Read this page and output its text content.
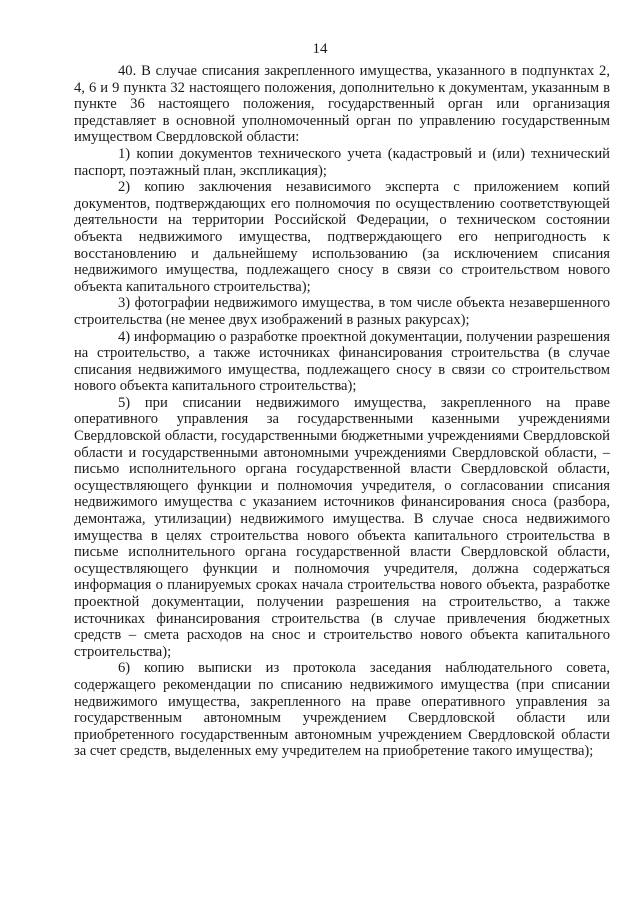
14

40. В случае списания закрепленного имущества, указанного в подпунктах 2, 4, 6 и 9 пункта 32 настоящего положения, дополнительно к документам, указанным в пункте 36 настоящего положения, государственный орган или организация представляет в основной уполномоченный орган по управлению государственным имуществом Свердловской области:

1) копии документов технического учета (кадастровый и (или) технический паспорт, поэтажный план, экспликация);

2) копию заключения независимого эксперта с приложением копий документов, подтверждающих его полномочия по осуществлению соответствующей деятельности на территории Российской Федерации, о техническом состоянии объекта недвижимого имущества, подтверждающего его непригодность к восстановлению и дальнейшему использованию (за исключением списания недвижимого имущества, подлежащего сносу в связи со строительством нового объекта капитального строительства);

3) фотографии недвижимого имущества, в том числе объекта незавершенного строительства (не менее двух изображений в разных ракурсах);

4) информацию о разработке проектной документации, получении разрешения на строительство, а также источниках финансирования строительства (в случае списания недвижимого имущества, подлежащего сносу в связи со строительством нового объекта капитального строительства);

5) при списании недвижимого имущества, закрепленного на праве оперативного управления за государственными казенными учреждениями Свердловской области, государственными бюджетными учреждениями Свердловской области и государственными автономными учреждениями Свердловской области, – письмо исполнительного органа государственной власти Свердловской области, осуществляющего функции и полномочия учредителя, о согласовании списания недвижимого имущества с указанием источников финансирования сноса (разбора, демонтажа, утилизации) недвижимого имущества. В случае сноса недвижимого имущества в целях строительства нового объекта капитального строительства в письме исполнительного органа государственной власти Свердловской области, осуществляющего функции и полномочия учредителя, должна содержаться информация о планируемых сроках начала строительства нового объекта, разработке проектной документации, получении разрешения на строительство, а также источниках финансирования строительства (в случае привлечения бюджетных средств – смета расходов на снос и строительство нового объекта капитального строительства);

6) копию выписки из протокола заседания наблюдательного совета, содержащего рекомендации по списанию недвижимого имущества (при списании недвижимого имущества, закрепленного на праве оперативного управления за государственным автономным учреждением Свердловской области или приобретенного государственным автономным учреждением Свердловской области за счет средств, выделенных ему учредителем на приобретение такого имущества);
